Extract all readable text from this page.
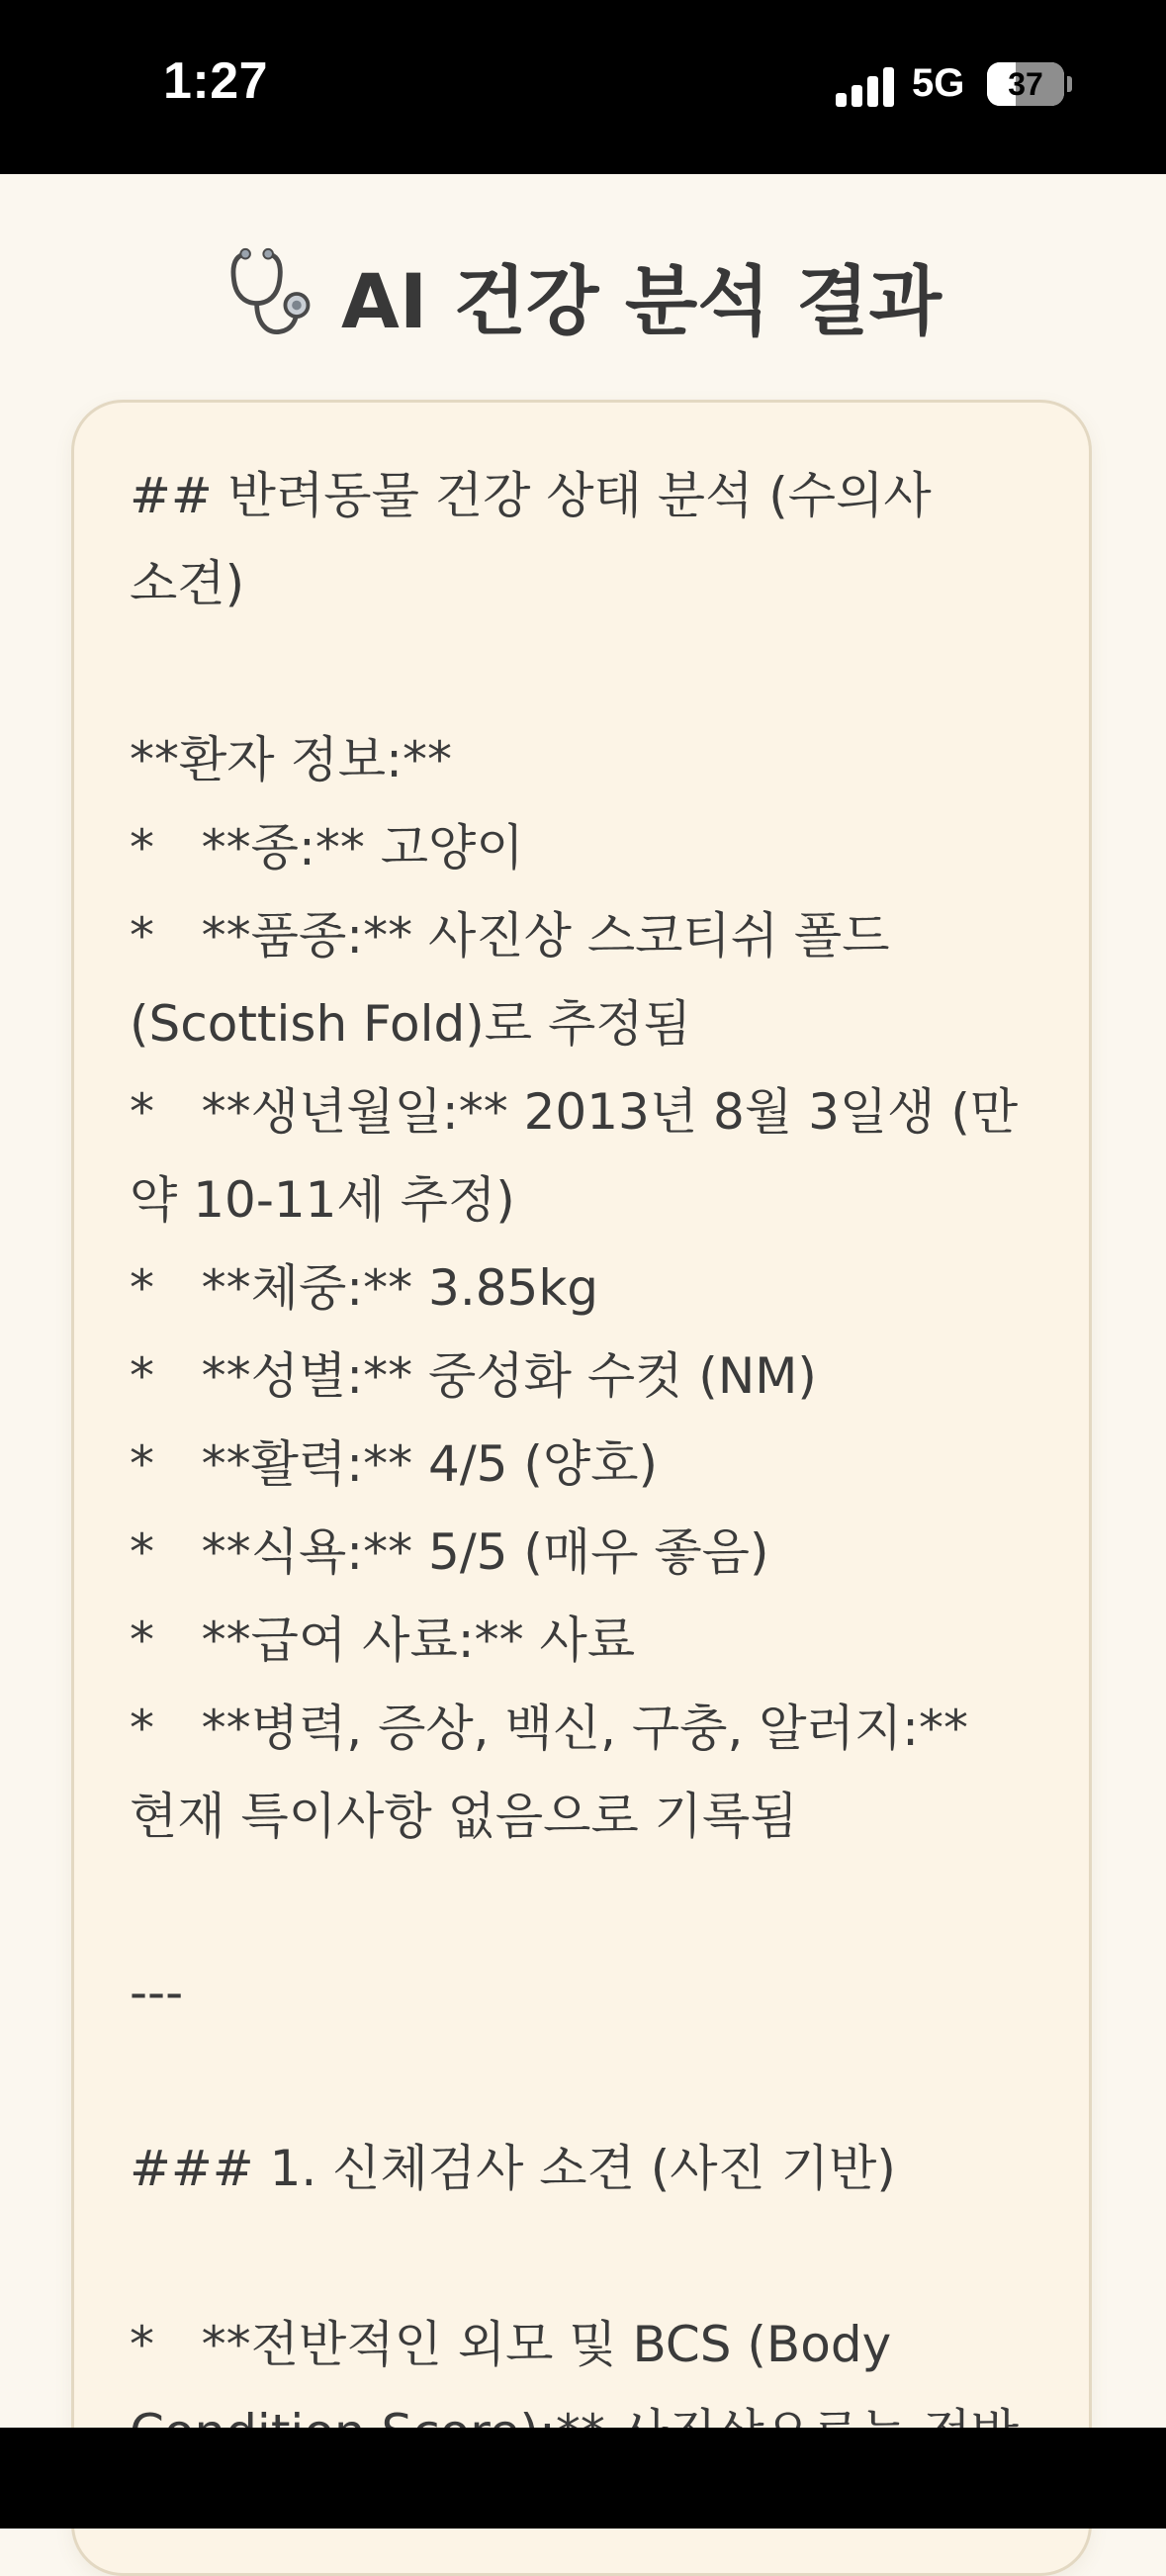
1:27	5G	37
AI 건강 분석 결과

## 반려동물 건강 상태 분석 (수의사 소견)

**환자 정보:**
*   **종:** 고양이
*   **품종:** 사진상 스코티쉬 폴드 (Scottish Fold)로 추정됨
*   **생년월일:** 2013년 8월 3일생 (만 약 10-11세 추정)
*   **체중:** 3.85kg
*   **성별:** 중성화 수컷 (NM)
*   **활력:** 4/5 (양호)
*   **식욕:** 5/5 (매우 좋음)
*   **급여 사료:** 사료
*   **병력, 증상, 백신, 구충, 알러지:** 현재 특이사항 없음으로 기록됨

---

### 1. 신체검사 소견 (사진 기반)

*   **전반적인 외모 및 BCS (Body
